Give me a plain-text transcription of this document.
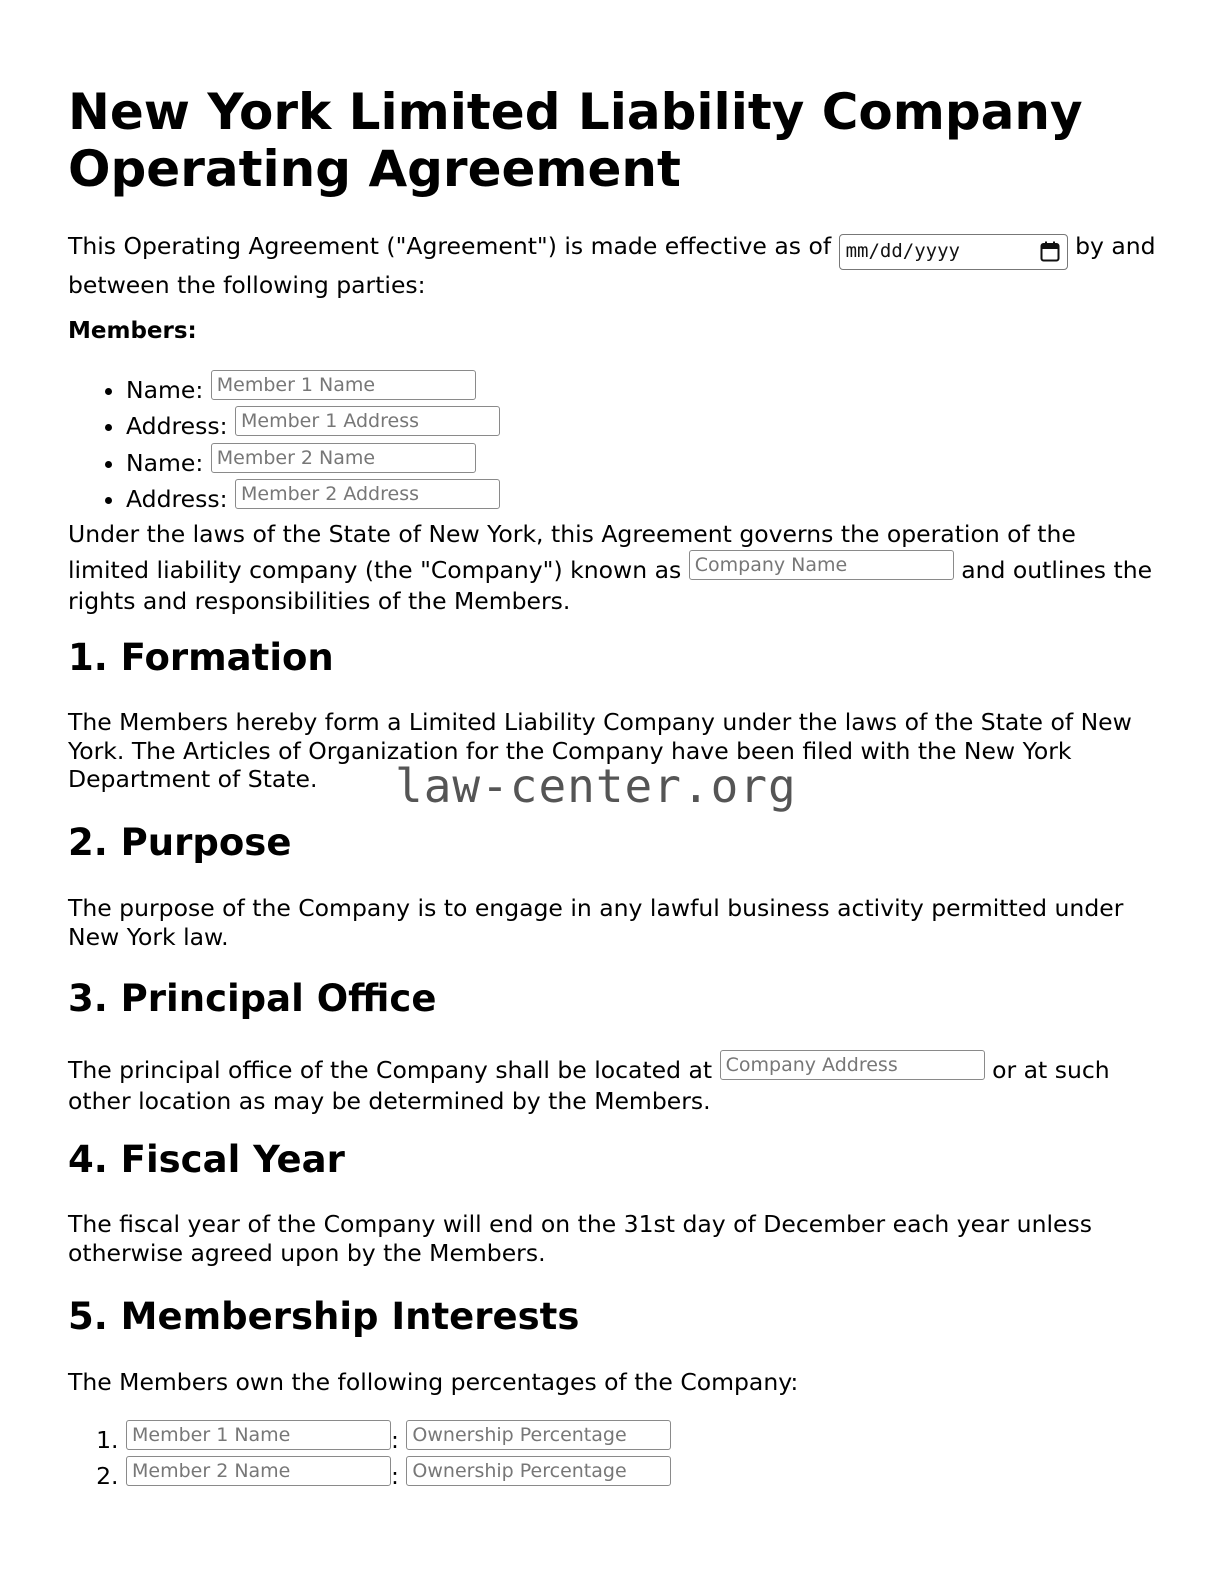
New York Limited Liability Company Operating Agreement

This Operating Agreement ("Agreement") is made effective as of mm/dd/yyyy	by and between the following parties:

Members:

• Name: Member 1 Name
• Address: Member 1 Address
• Name: Member 2 Name
• Address: Member 2 Address

Under the laws of the State of New York, this Agreement governs the operation of the limited liability company (the "Company") known as Company Name	and outlines the rights and responsibilities of the Members.

1. Formation

The Members hereby form a Limited Liability Company under the laws of the State of New York. The Articles of Organization for the Company have been filed with the New York Department of State.

2. Purpose

The purpose of the Company is to engage in any lawful business activity permitted under New York law.

3. Principal Office

The principal office of the Company shall be located at Company Address	or at such other location as may be determined by the Members.

4. Fiscal Year

The fiscal year of the Company will end on the 31st day of December each year unless otherwise agreed upon by the Members.

5. Membership Interests

The Members own the following percentages of the Company:

1. Member 1 Name	: Ownership Percentage
2. Member 2 Name	: Ownership Percentage
law-center.org
